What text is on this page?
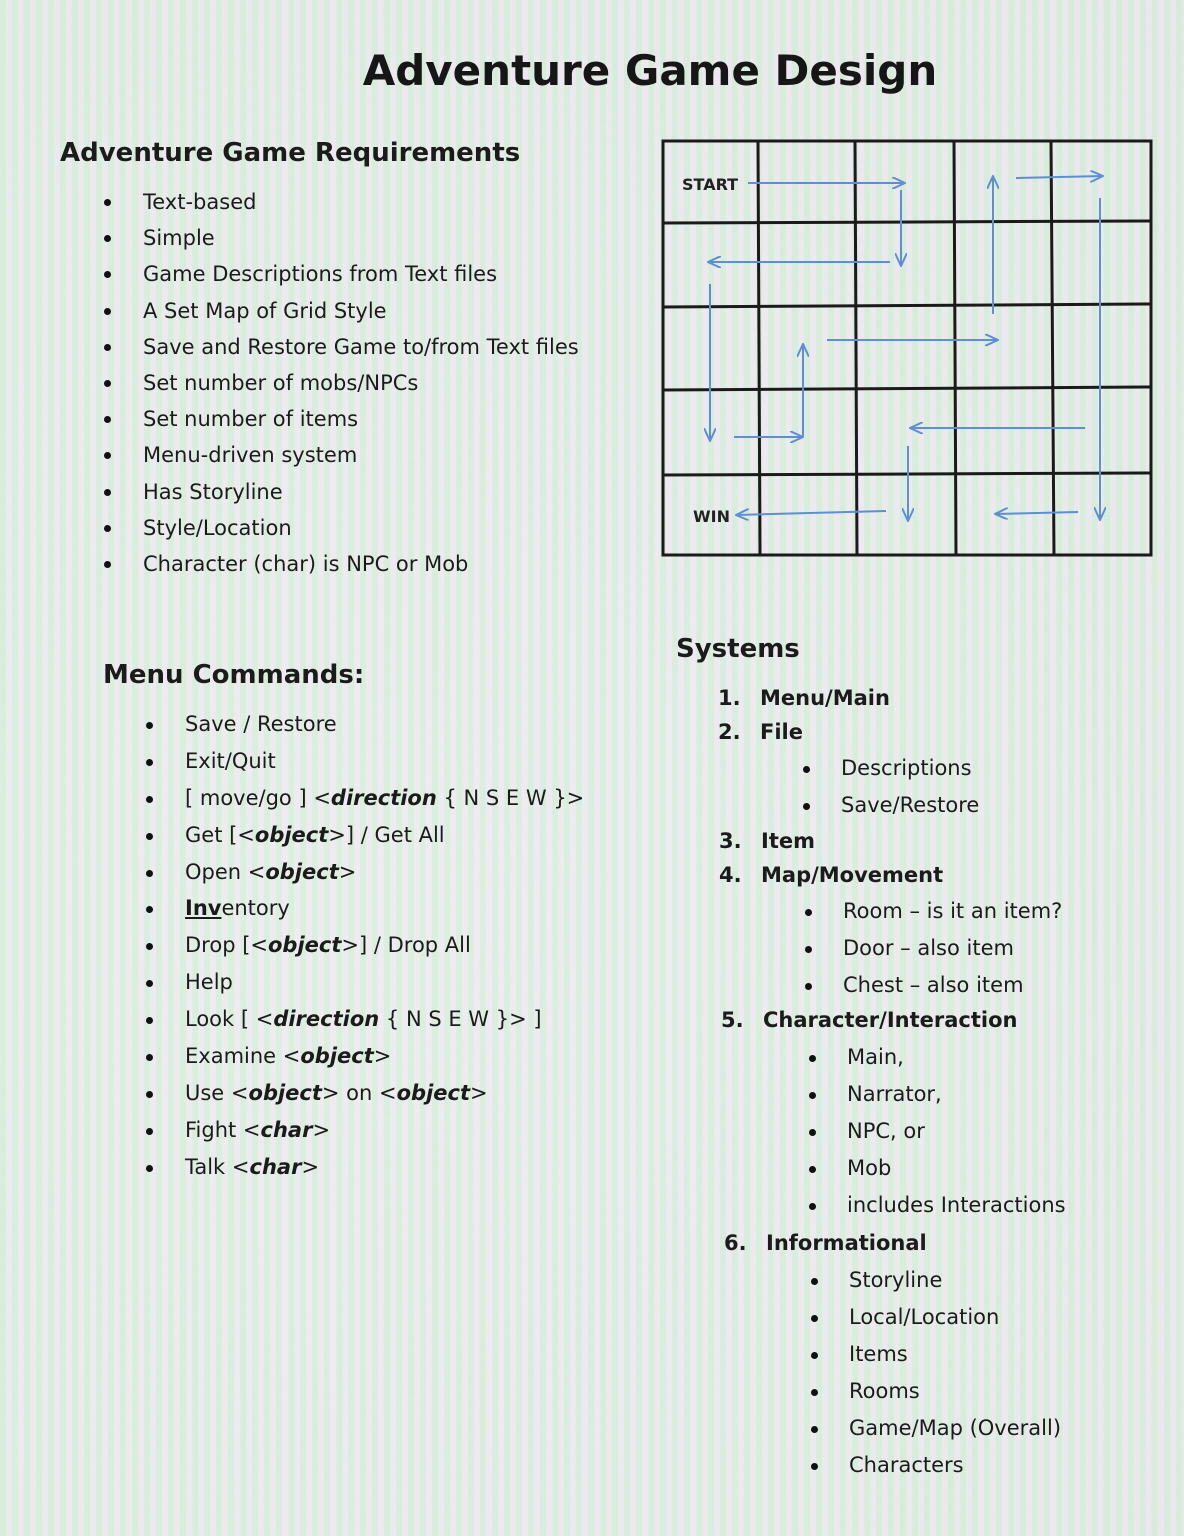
Adventure Game Design
Adventure Game Requirements
Text-based
Simple
Game Descriptions from Text files
A Set Map of Grid Style
Save and Restore Game to/from Text files
Set number of mobs/NPCs
Set number of items
Menu-driven system
Has Storyline
Style/Location
Character (char) is NPC or Mob
START
WIN
Menu Commands:
Save / Restore
Exit/Quit
[ move/go ] <direction { N S E W }>
Get [<object>] / Get All
Open <object>
Inventory
Drop [<object>] / Drop All
Help
Look [ <direction { N S E W }> ]
Examine <object>
Use <object> on <object>
Fight <char>
Talk <char>
Systems
1. Menu/Main
2. File
Descriptions
Save/Restore
3. Item
4. Map/Movement
Room – is it an item?
Door – also item
Chest – also item
5. Character/Interaction
Main,
Narrator,
NPC, or
Mob
includes Interactions
6. Informational
Storyline
Local/Location
Items
Rooms
Game/Map (Overall)
Characters
